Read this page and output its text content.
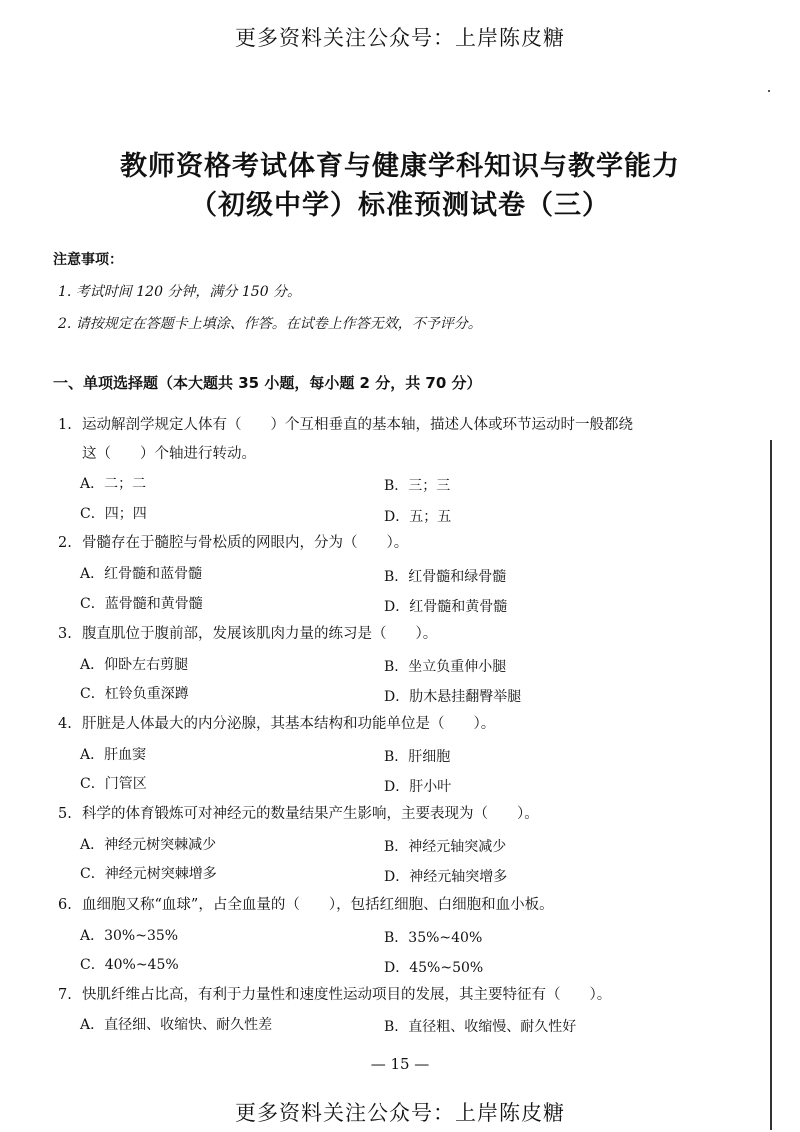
更多资料关注公众号：上岸陈皮糖
教师资格考试体育与健康学科知识与教学能力
（初级中学）标准预测试卷（三）
注意事项：
1. 考试时间 120 分钟，满分 150 分。
2. 请按规定在答题卡上填涂、作答。在试卷上作答无效，不予评分。
一、单项选择题（本大题共 35 小题，每小题 2 分，共 70 分）
1. 运动解剖学规定人体有（　　）个互相垂直的基本轴，描述人体或环节运动时一般都绕
这（　　）个轴进行转动。
A．二；二	B．三；三
C．四；四	D．五；五
2. 骨髓存在于髓腔与骨松质的网眼内，分为（　　）。
A．红骨髓和蓝骨髓	B．红骨髓和绿骨髓
C．蓝骨髓和黄骨髓	D．红骨髓和黄骨髓
3. 腹直肌位于腹前部，发展该肌肉力量的练习是（　　）。
A．仰卧左右剪腿	B．坐立负重伸小腿
C．杠铃负重深蹲	D．肋木悬挂翻臀举腿
4. 肝脏是人体最大的内分泌腺，其基本结构和功能单位是（　　）。
A．肝血窦	B．肝细胞
C．门管区	D．肝小叶
5. 科学的体育锻炼可对神经元的数量结果产生影响，主要表现为（　　）。
A．神经元树突棘减少	B．神经元轴突减少
C．神经元树突棘增多	D．神经元轴突增多
6. 血细胞又称“血球”，占全血量的（　　），包括红细胞、白细胞和血小板。
A．30%~35%	B．35%~40%
C．40%~45%	D．45%~50%
7. 快肌纤维占比高，有利于力量性和速度性运动项目的发展，其主要特征有（　　）。
A．直径细、收缩快、耐久性差	B．直径粗、收缩慢、耐久性好
— 15 —
更多资料关注公众号：上岸陈皮糖
